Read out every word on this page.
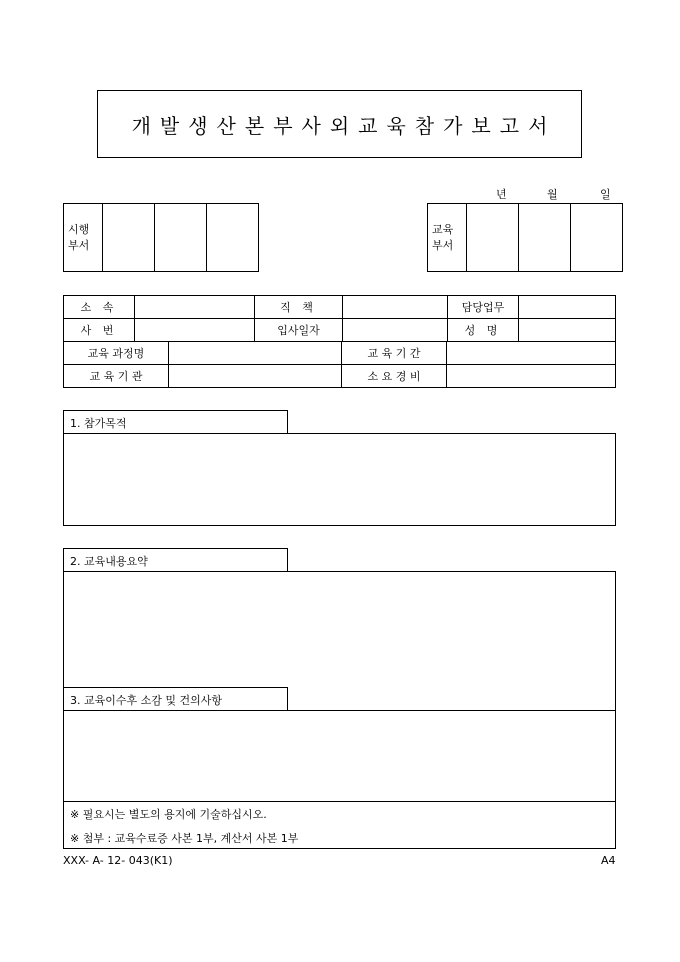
개발생산본부사외교육참가보고서
년	월	일
시행
부서			
교육
부서			
소 속		직 책		담당업무	
사 번		입사일자		성 명	
교육 과정명		교 육 기 간	
교 육 기 관		소 요 경 비	
1. 참가목적
2. 교육내용요약
3. 교육이수후 소감 및 건의사항
※ 필요시는 별도의 용지에 기술하십시오.
※ 첨부 : 교육수료증 사본 1부, 계산서 사본 1부
XXX- A- 12- 043(K1)	A4
